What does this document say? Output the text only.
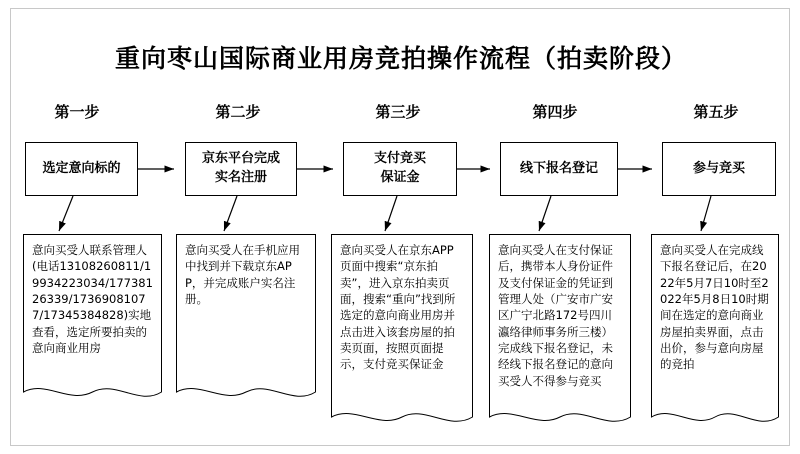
重向枣山国际商业用房竞拍操作流程（拍卖阶段）
第一步	第二步	第三步	第四步	第五步
选定意向标的
京东平台完成
实名注册
支付竞买
保证金
线下报名登记	参与竞买
意向买受人联系管理人(电话13108260811/19934223034/17738126339/17369081077/17345384828)实地查看，选定所要拍卖的意向商业用房
意向买受人在手机应用中找到并下载京东APP，并完成账户实名注册。
意向买受人在京东APP页面中搜索“京东拍卖”，进入京东拍卖页面，搜索“重向”找到所选定的意向商业用房并点击进入该套房屋的拍卖页面，按照页面提示，支付竞买保证金
意向买受人在支付保证后，携带本人身份证件及支付保证金的凭证到管理人处（广安市广安区广宁北路172号四川瀛络律师事务所三楼）完成线下报名登记，未经线下报名登记的意向买受人不得参与竞买
意向买受人在完成线下报名登记后，在2022年5月7日10时至2022年5月8日10时期间在选定的意向商业房屋拍卖界面，点击出价，参与意向房屋的竞拍
